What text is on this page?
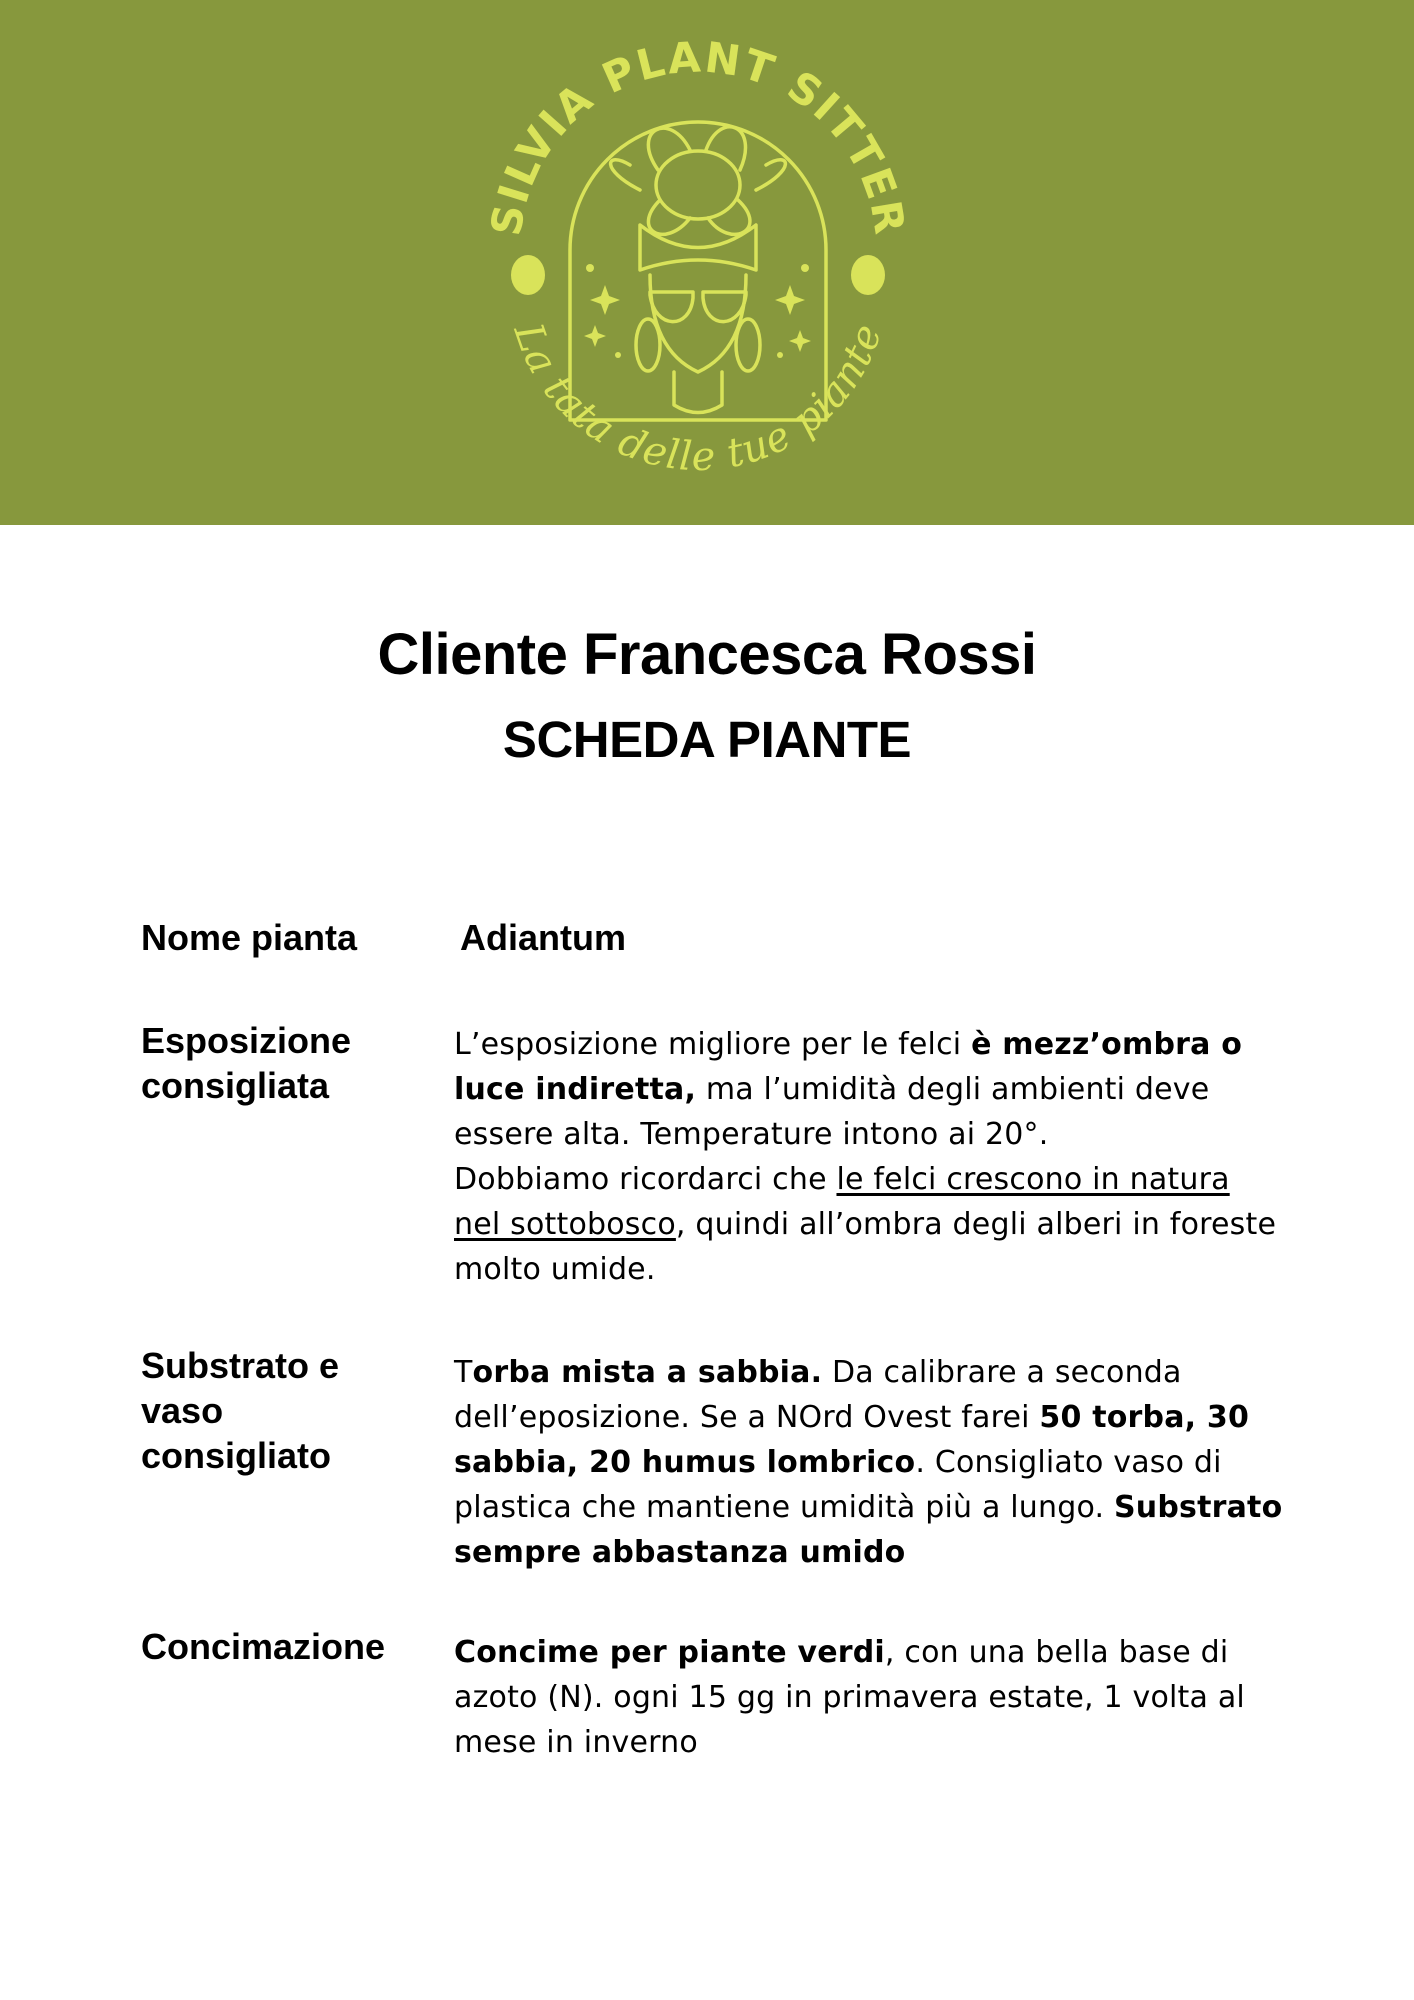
SILVIA PLANT SITTER
La tata delle tue piante
Cliente Francesca Rossi
SCHEDA PIANTE
Nome pianta	Adiantum
Esposizione
consigliata
L’esposizione migliore per le felci è mezz’ombra o luce indiretta, ma l’umidità degli ambienti deve essere alta. Temperature intono ai 20°.
Dobbiamo ricordarci che le felci crescono in natura nel sottobosco, quindi all’ombra degli alberi in foreste molto umide.
Substrato e
vaso
consigliato
Torba mista a sabbia. Da calibrare a seconda dell’eposizione. Se a NOrd Ovest farei 50 torba, 30 sabbia, 20 humus lombrico. Consigliato vaso di plastica che mantiene umidità più a lungo. Substrato sempre abbastanza umido
Concimazione	Concime per piante verdi, con una bella base di azoto (N). ogni 15 gg in primavera estate, 1 volta al mese in inverno
